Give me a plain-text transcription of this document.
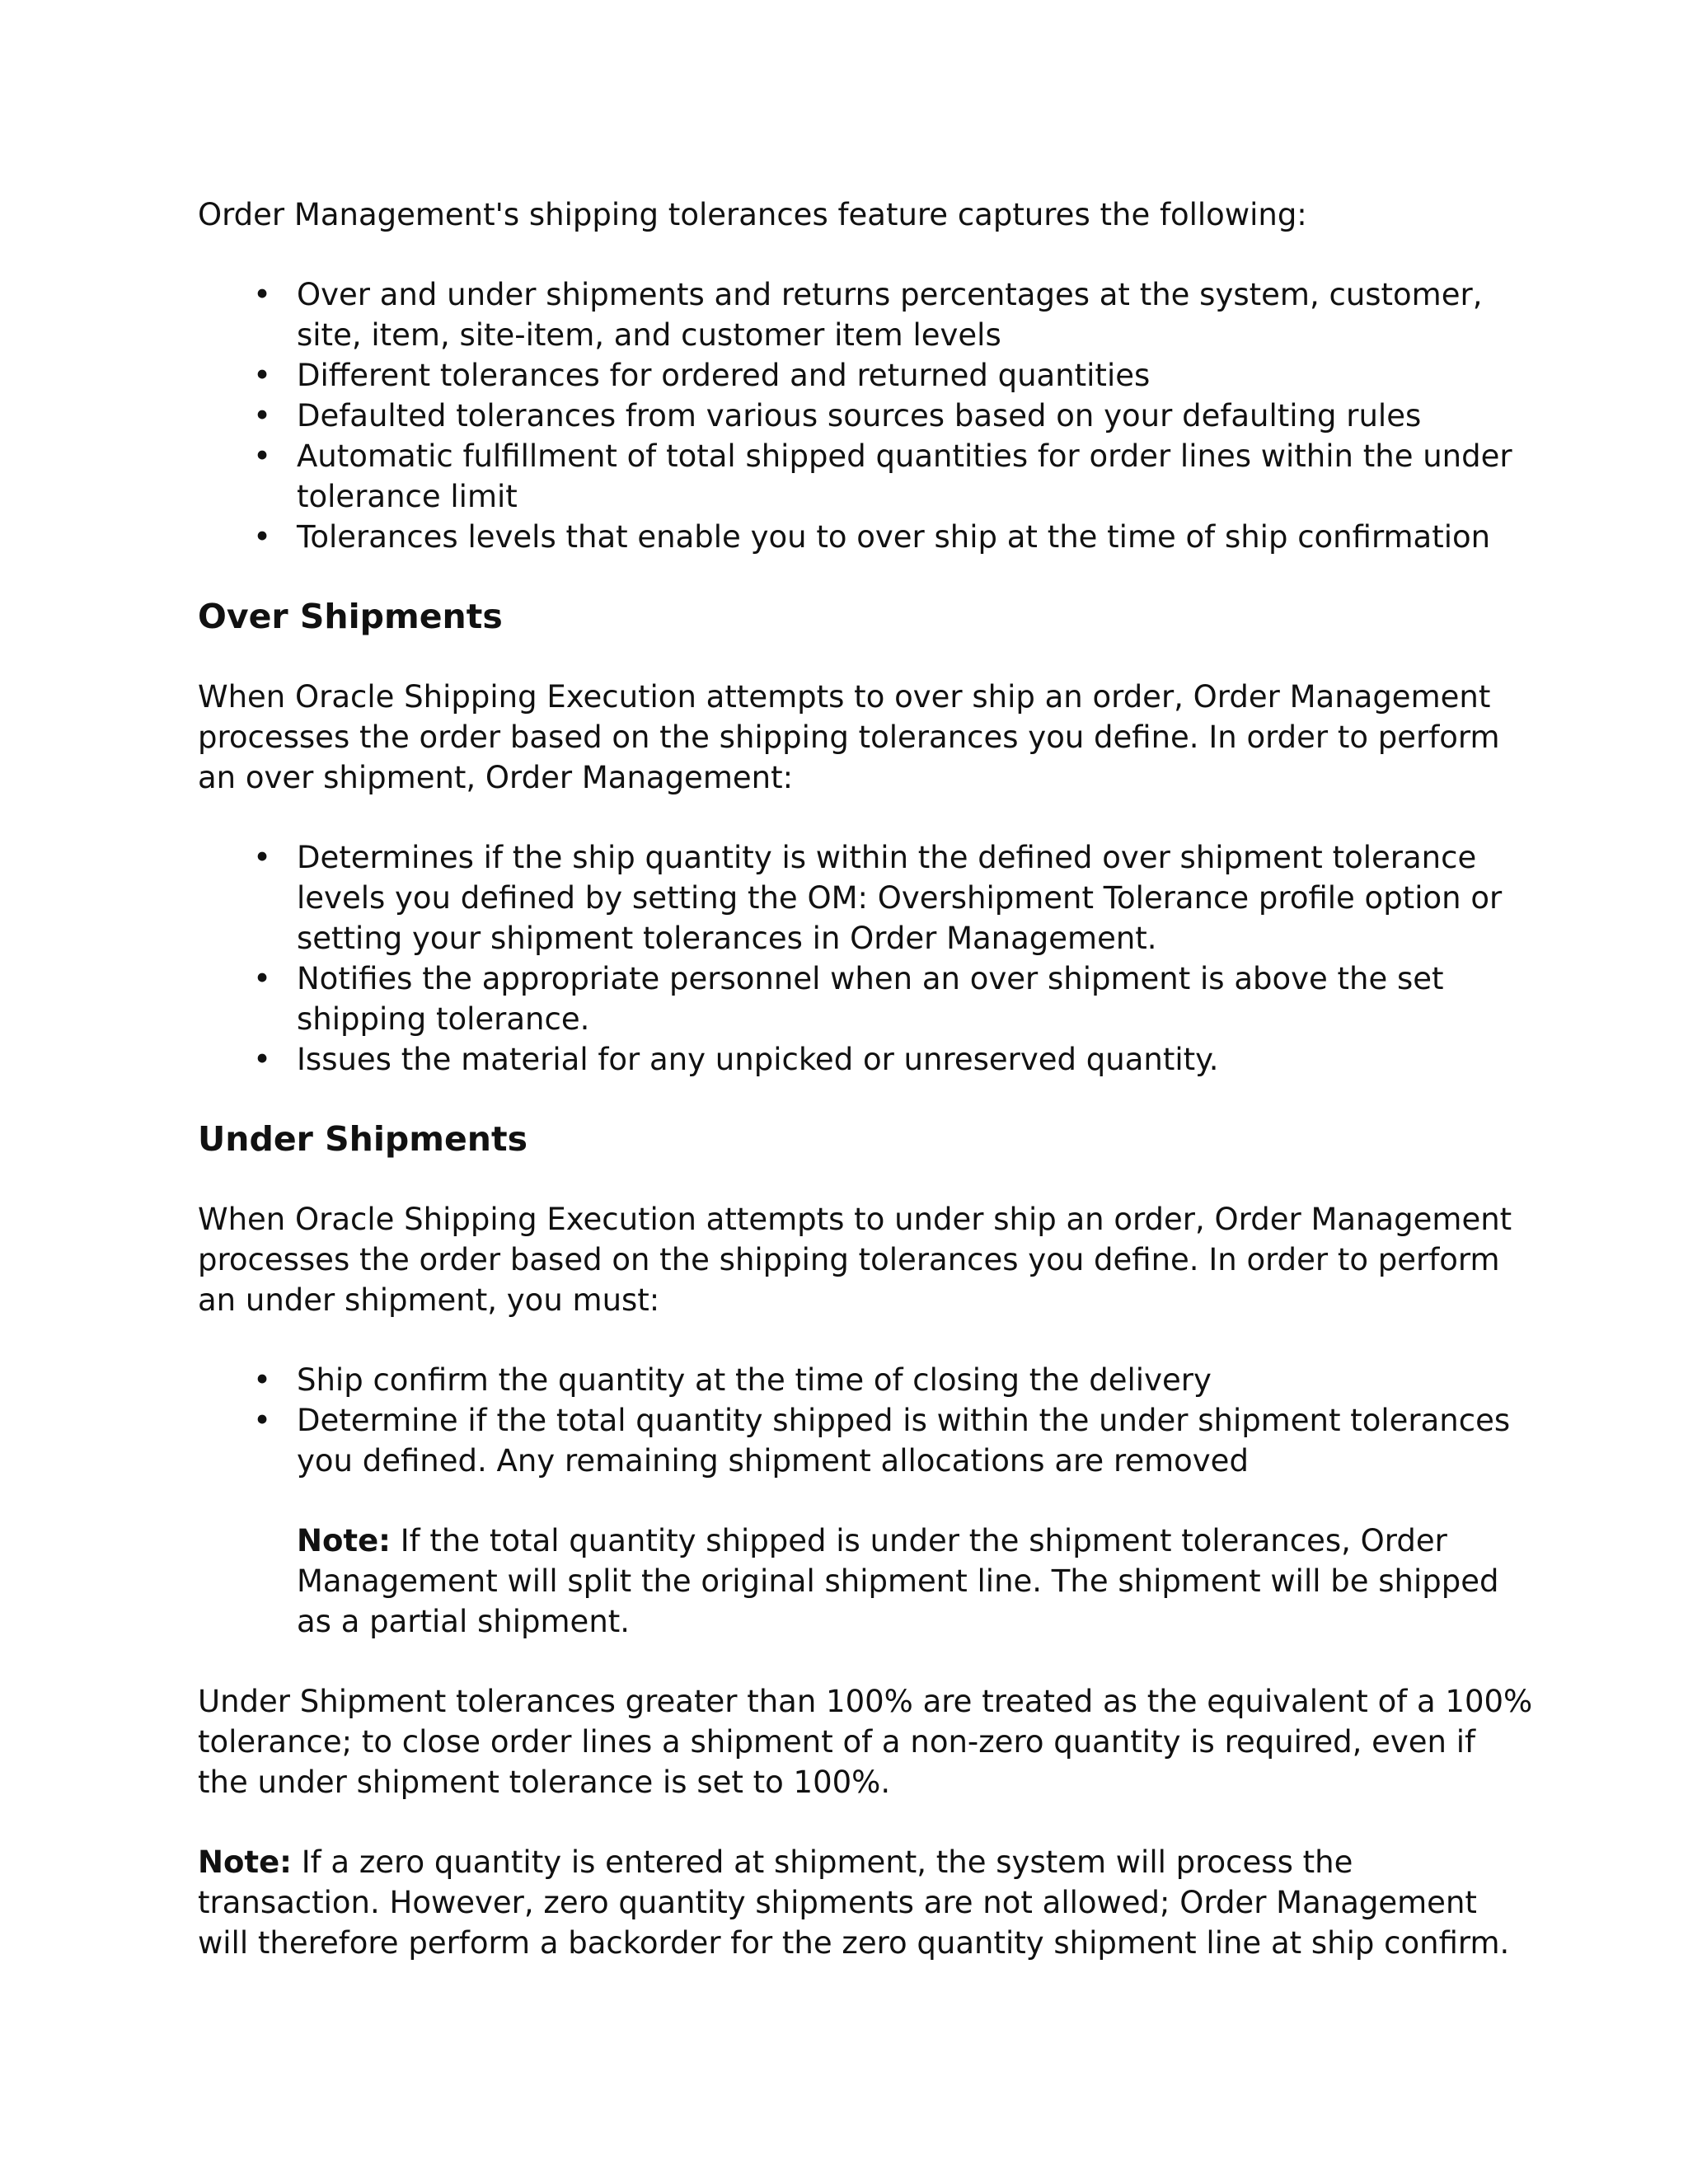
Order Management's shipping tolerances feature captures the following:

• Over and under shipments and returns percentages at the system, customer, site, item, site-item, and customer item levels
• Different tolerances for ordered and returned quantities
• Defaulted tolerances from various sources based on your defaulting rules
• Automatic fulfillment of total shipped quantities for order lines within the under tolerance limit
• Tolerances levels that enable you to over ship at the time of ship confirmation
Over Shipments

When Oracle Shipping Execution attempts to over ship an order, Order Management processes the order based on the shipping tolerances you define. In order to perform an over shipment, Order Management:

• Determines if the ship quantity is within the defined over shipment tolerance levels you defined by setting the OM: Overshipment Tolerance profile option or setting your shipment tolerances in Order Management.
• Notifies the appropriate personnel when an over shipment is above the set shipping tolerance.
• Issues the material for any unpicked or unreserved quantity.
Under Shipments

When Oracle Shipping Execution attempts to under ship an order, Order Management processes the order based on the shipping tolerances you define. In order to perform an under shipment, you must:

• Ship confirm the quantity at the time of closing the delivery
• Determine if the total quantity shipped is within the under shipment tolerances you defined. Any remaining shipment allocations are removed
Note: If the total quantity shipped is under the shipment tolerances, Order Management will split the original shipment line. The shipment will be shipped as a partial shipment.

Under Shipment tolerances greater than 100% are treated as the equivalent of a 100% tolerance; to close order lines a shipment of a non-zero quantity is required, even if the under shipment tolerance is set to 100%.

Note: If a zero quantity is entered at shipment, the system will process the transaction. However, zero quantity shipments are not allowed; Order Management will therefore perform a backorder for the zero quantity shipment line at ship confirm.
